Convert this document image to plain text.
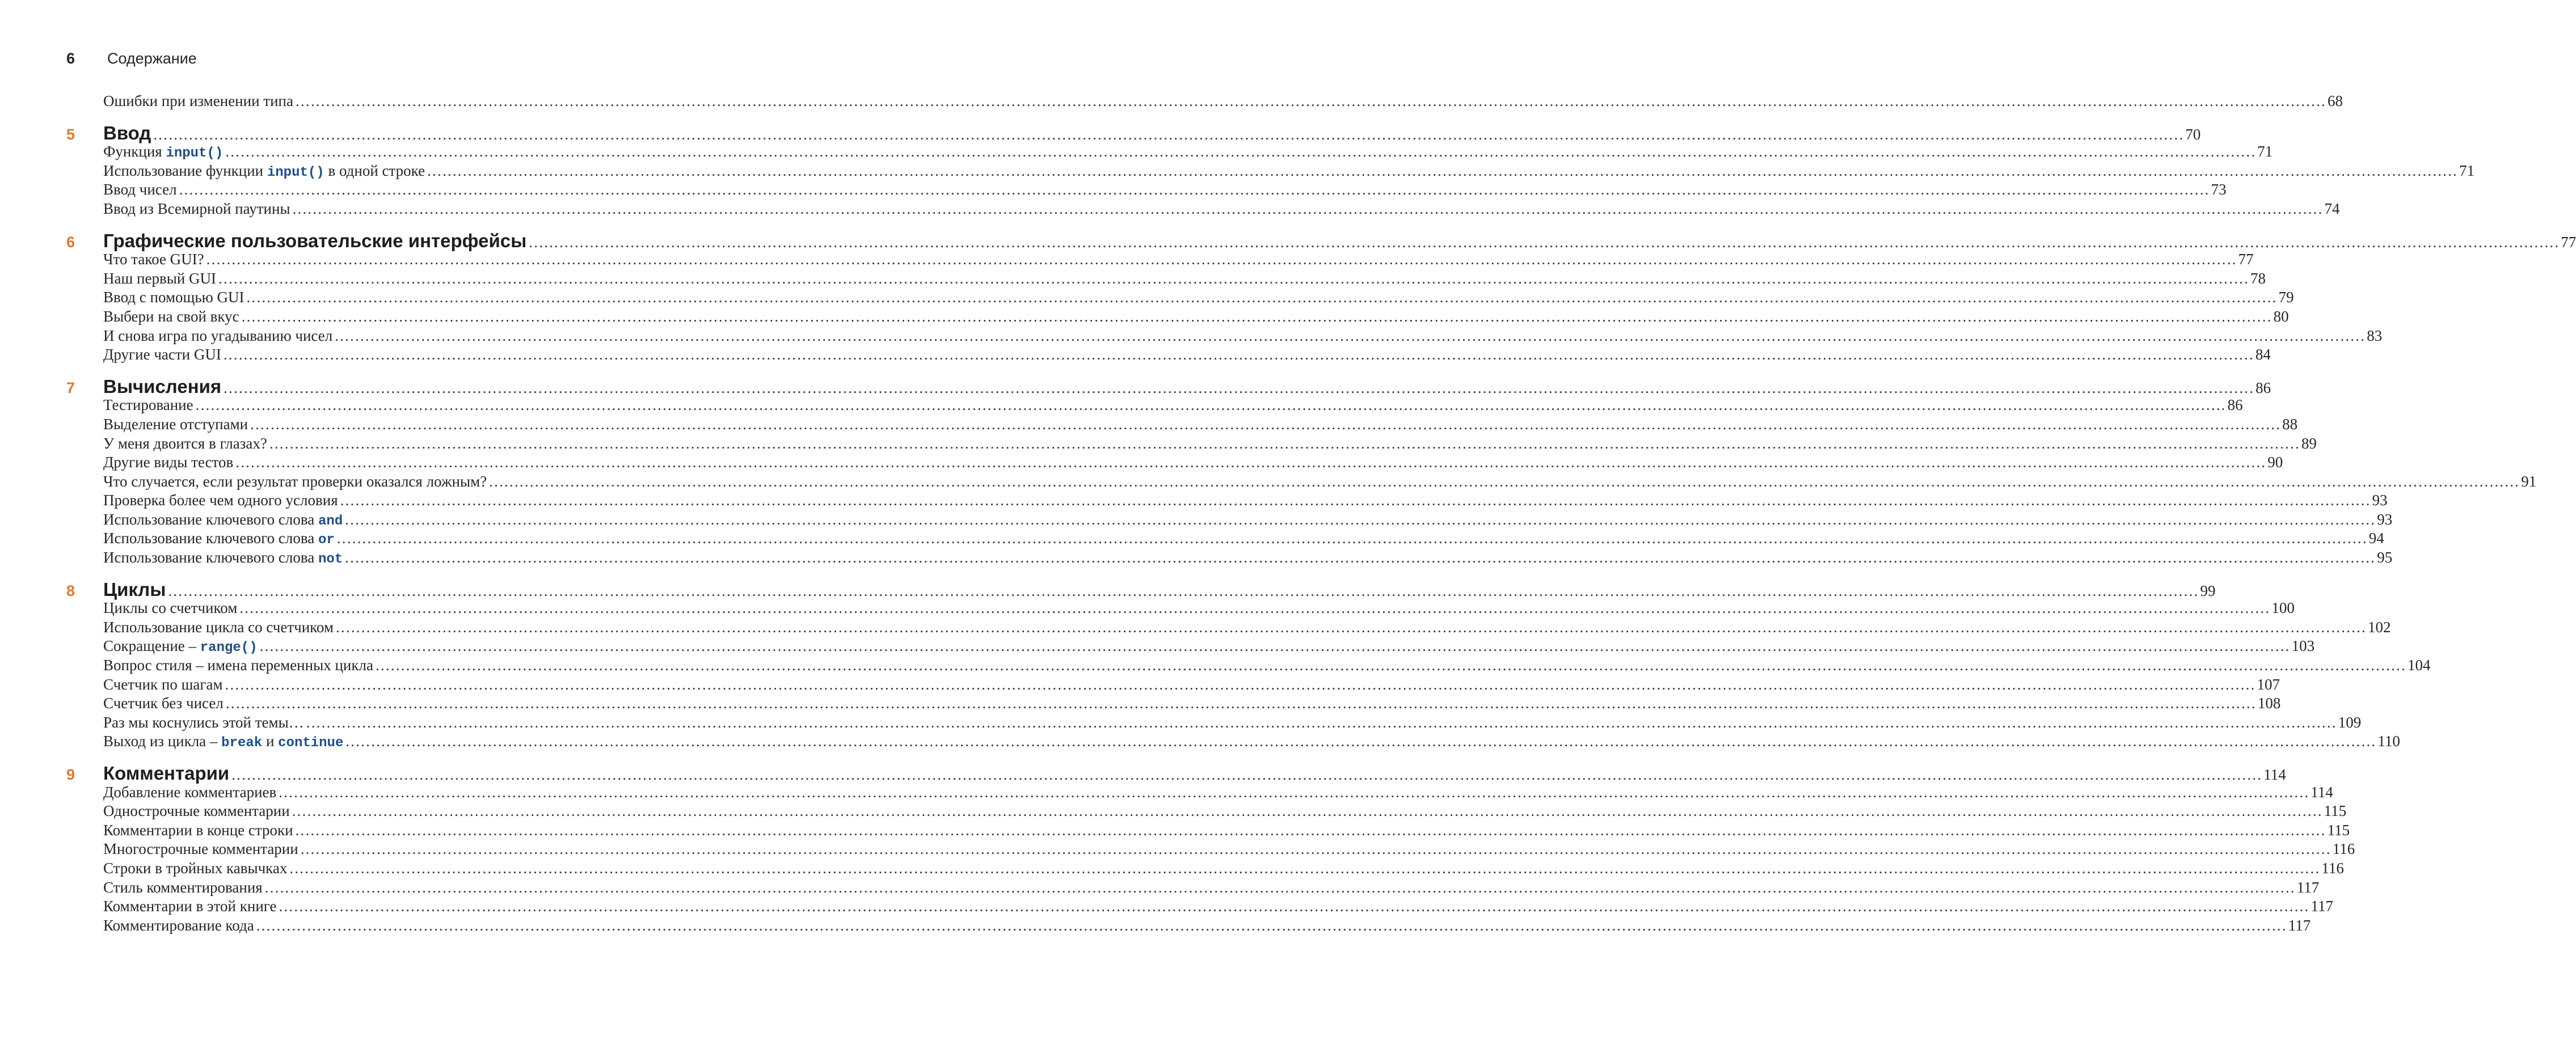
6	Содержание
Ошибки при изменении типа ................................................................................................................................................................................................................................................................................................................................................................................................................ 68
5	Ввод ................................................................................................................................................................................................................................................................................................................................................................................................................ 70
Функция input() ................................................................................................................................................................................................................................................................................................................................................................................................................ 71
Использование функции input() в одной строке ................................................................................................................................................................................................................................................................................................................................................................................................................ 71
Ввод чисел ................................................................................................................................................................................................................................................................................................................................................................................................................ 73
Ввод из Всемирной паутины ................................................................................................................................................................................................................................................................................................................................................................................................................ 74
6	Графические пользовательские интерфейсы ................................................................................................................................................................................................................................................................................................................................................................................................................ 77
Что такое GUI? ................................................................................................................................................................................................................................................................................................................................................................................................................ 77
Наш первый GUI ................................................................................................................................................................................................................................................................................................................................................................................................................ 78
Ввод с помощью GUI ................................................................................................................................................................................................................................................................................................................................................................................................................ 79
Выбери на свой вкус ................................................................................................................................................................................................................................................................................................................................................................................................................ 80
И снова игра по угадыванию чисел ................................................................................................................................................................................................................................................................................................................................................................................................................ 83
Другие части GUI ................................................................................................................................................................................................................................................................................................................................................................................................................ 84
7	Вычисления ................................................................................................................................................................................................................................................................................................................................................................................................................ 86
Тестирование ................................................................................................................................................................................................................................................................................................................................................................................................................ 86
Выделение отступами ................................................................................................................................................................................................................................................................................................................................................................................................................ 88
У меня двоится в глазах? ................................................................................................................................................................................................................................................................................................................................................................................................................ 89
Другие виды тестов ................................................................................................................................................................................................................................................................................................................................................................................................................ 90
Что случается, если результат проверки оказался ложным? ................................................................................................................................................................................................................................................................................................................................................................................................................ 91
Проверка более чем одного условия ................................................................................................................................................................................................................................................................................................................................................................................................................ 93
Использование ключевого слова and ................................................................................................................................................................................................................................................................................................................................................................................................................ 93
Использование ключевого слова or ................................................................................................................................................................................................................................................................................................................................................................................................................ 94
Использование ключевого слова not ................................................................................................................................................................................................................................................................................................................................................................................................................ 95
8	Циклы ................................................................................................................................................................................................................................................................................................................................................................................................................ 99
Циклы со счетчиком ................................................................................................................................................................................................................................................................................................................................................................................................................ 100
Использование цикла со счетчиком ................................................................................................................................................................................................................................................................................................................................................................................................................ 102
Сокращение – range() ................................................................................................................................................................................................................................................................................................................................................................................................................ 103
Вопрос стиля – имена переменных цикла ................................................................................................................................................................................................................................................................................................................................................................................................................ 104
Счетчик по шагам ................................................................................................................................................................................................................................................................................................................................................................................................................ 107
Счетчик без чисел ................................................................................................................................................................................................................................................................................................................................................................................................................ 108
Раз мы коснулись этой темы… ................................................................................................................................................................................................................................................................................................................................................................................................................ 109
Выход из цикла – break и continue ................................................................................................................................................................................................................................................................................................................................................................................................................ 110
9	Комментарии ................................................................................................................................................................................................................................................................................................................................................................................................................ 114
Добавление комментариев ................................................................................................................................................................................................................................................................................................................................................................................................................ 114
Однострочные комментарии ................................................................................................................................................................................................................................................................................................................................................................................................................ 115
Комментарии в конце строки ................................................................................................................................................................................................................................................................................................................................................................................................................ 115
Многострочные комментарии ................................................................................................................................................................................................................................................................................................................................................................................................................ 116
Строки в тройных кавычках ................................................................................................................................................................................................................................................................................................................................................................................................................ 116
Стиль комментирования ................................................................................................................................................................................................................................................................................................................................................................................................................ 117
Комментарии в этой книге ................................................................................................................................................................................................................................................................................................................................................................................................................ 117
Комментирование кода ................................................................................................................................................................................................................................................................................................................................................................................................................ 117
